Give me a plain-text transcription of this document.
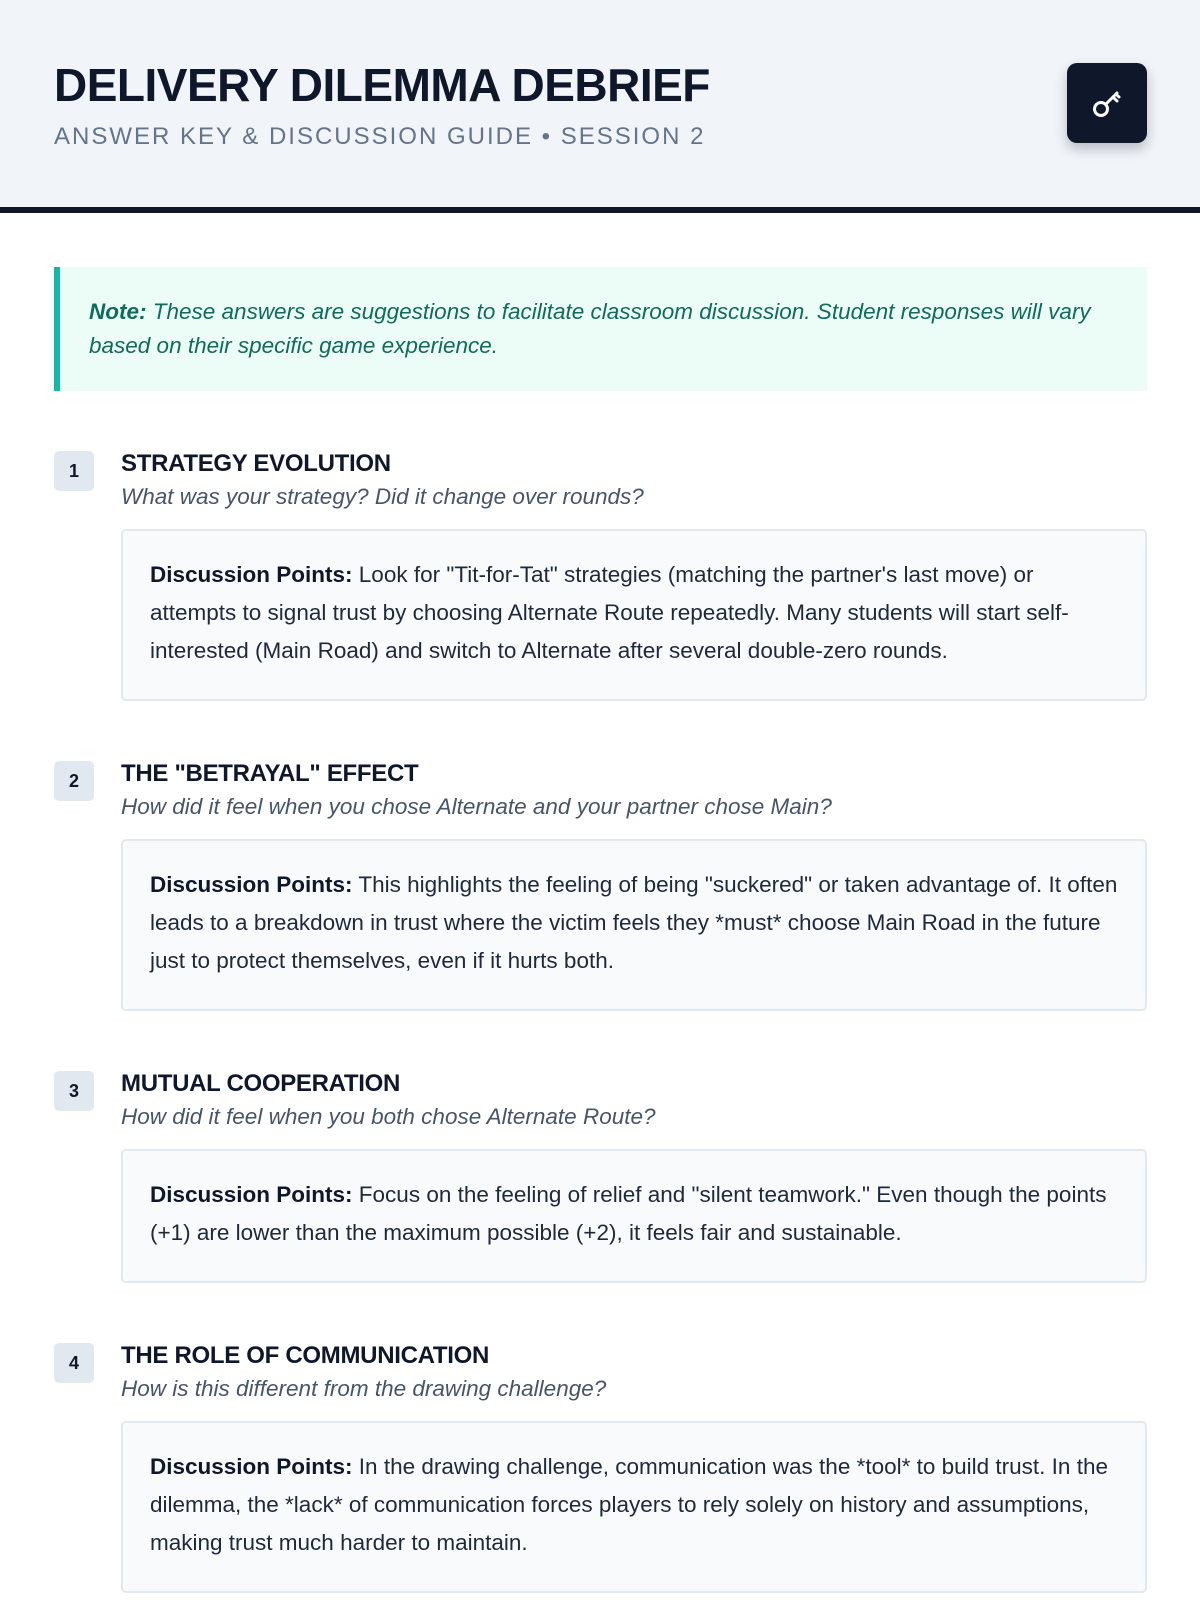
DELIVERY DILEMMA DEBRIEF
ANSWER KEY & DISCUSSION GUIDE • SESSION 2
Note: These answers are suggestions to facilitate classroom discussion. Student responses will vary based on their specific game experience.
1	STRATEGY EVOLUTION
What was your strategy? Did it change over rounds?
Discussion Points: Look for "Tit-for-Tat" strategies (matching the partner's last move) or attempts to signal trust by choosing Alternate Route repeatedly. Many students will start self-interested (Main Road) and switch to Alternate after several double-zero rounds.
2	THE "BETRAYAL" EFFECT
How did it feel when you chose Alternate and your partner chose Main?
Discussion Points: This highlights the feeling of being "suckered" or taken advantage of. It often leads to a breakdown in trust where the victim feels they *must* choose Main Road in the future just to protect themselves, even if it hurts both.
3	MUTUAL COOPERATION
How did it feel when you both chose Alternate Route?
Discussion Points: Focus on the feeling of relief and "silent teamwork." Even though the points (+1) are lower than the maximum possible (+2), it feels fair and sustainable.
4	THE ROLE OF COMMUNICATION
How is this different from the drawing challenge?
Discussion Points: In the drawing challenge, communication was the *tool* to build trust. In the dilemma, the *lack* of communication forces players to rely solely on history and assumptions, making trust much harder to maintain.
